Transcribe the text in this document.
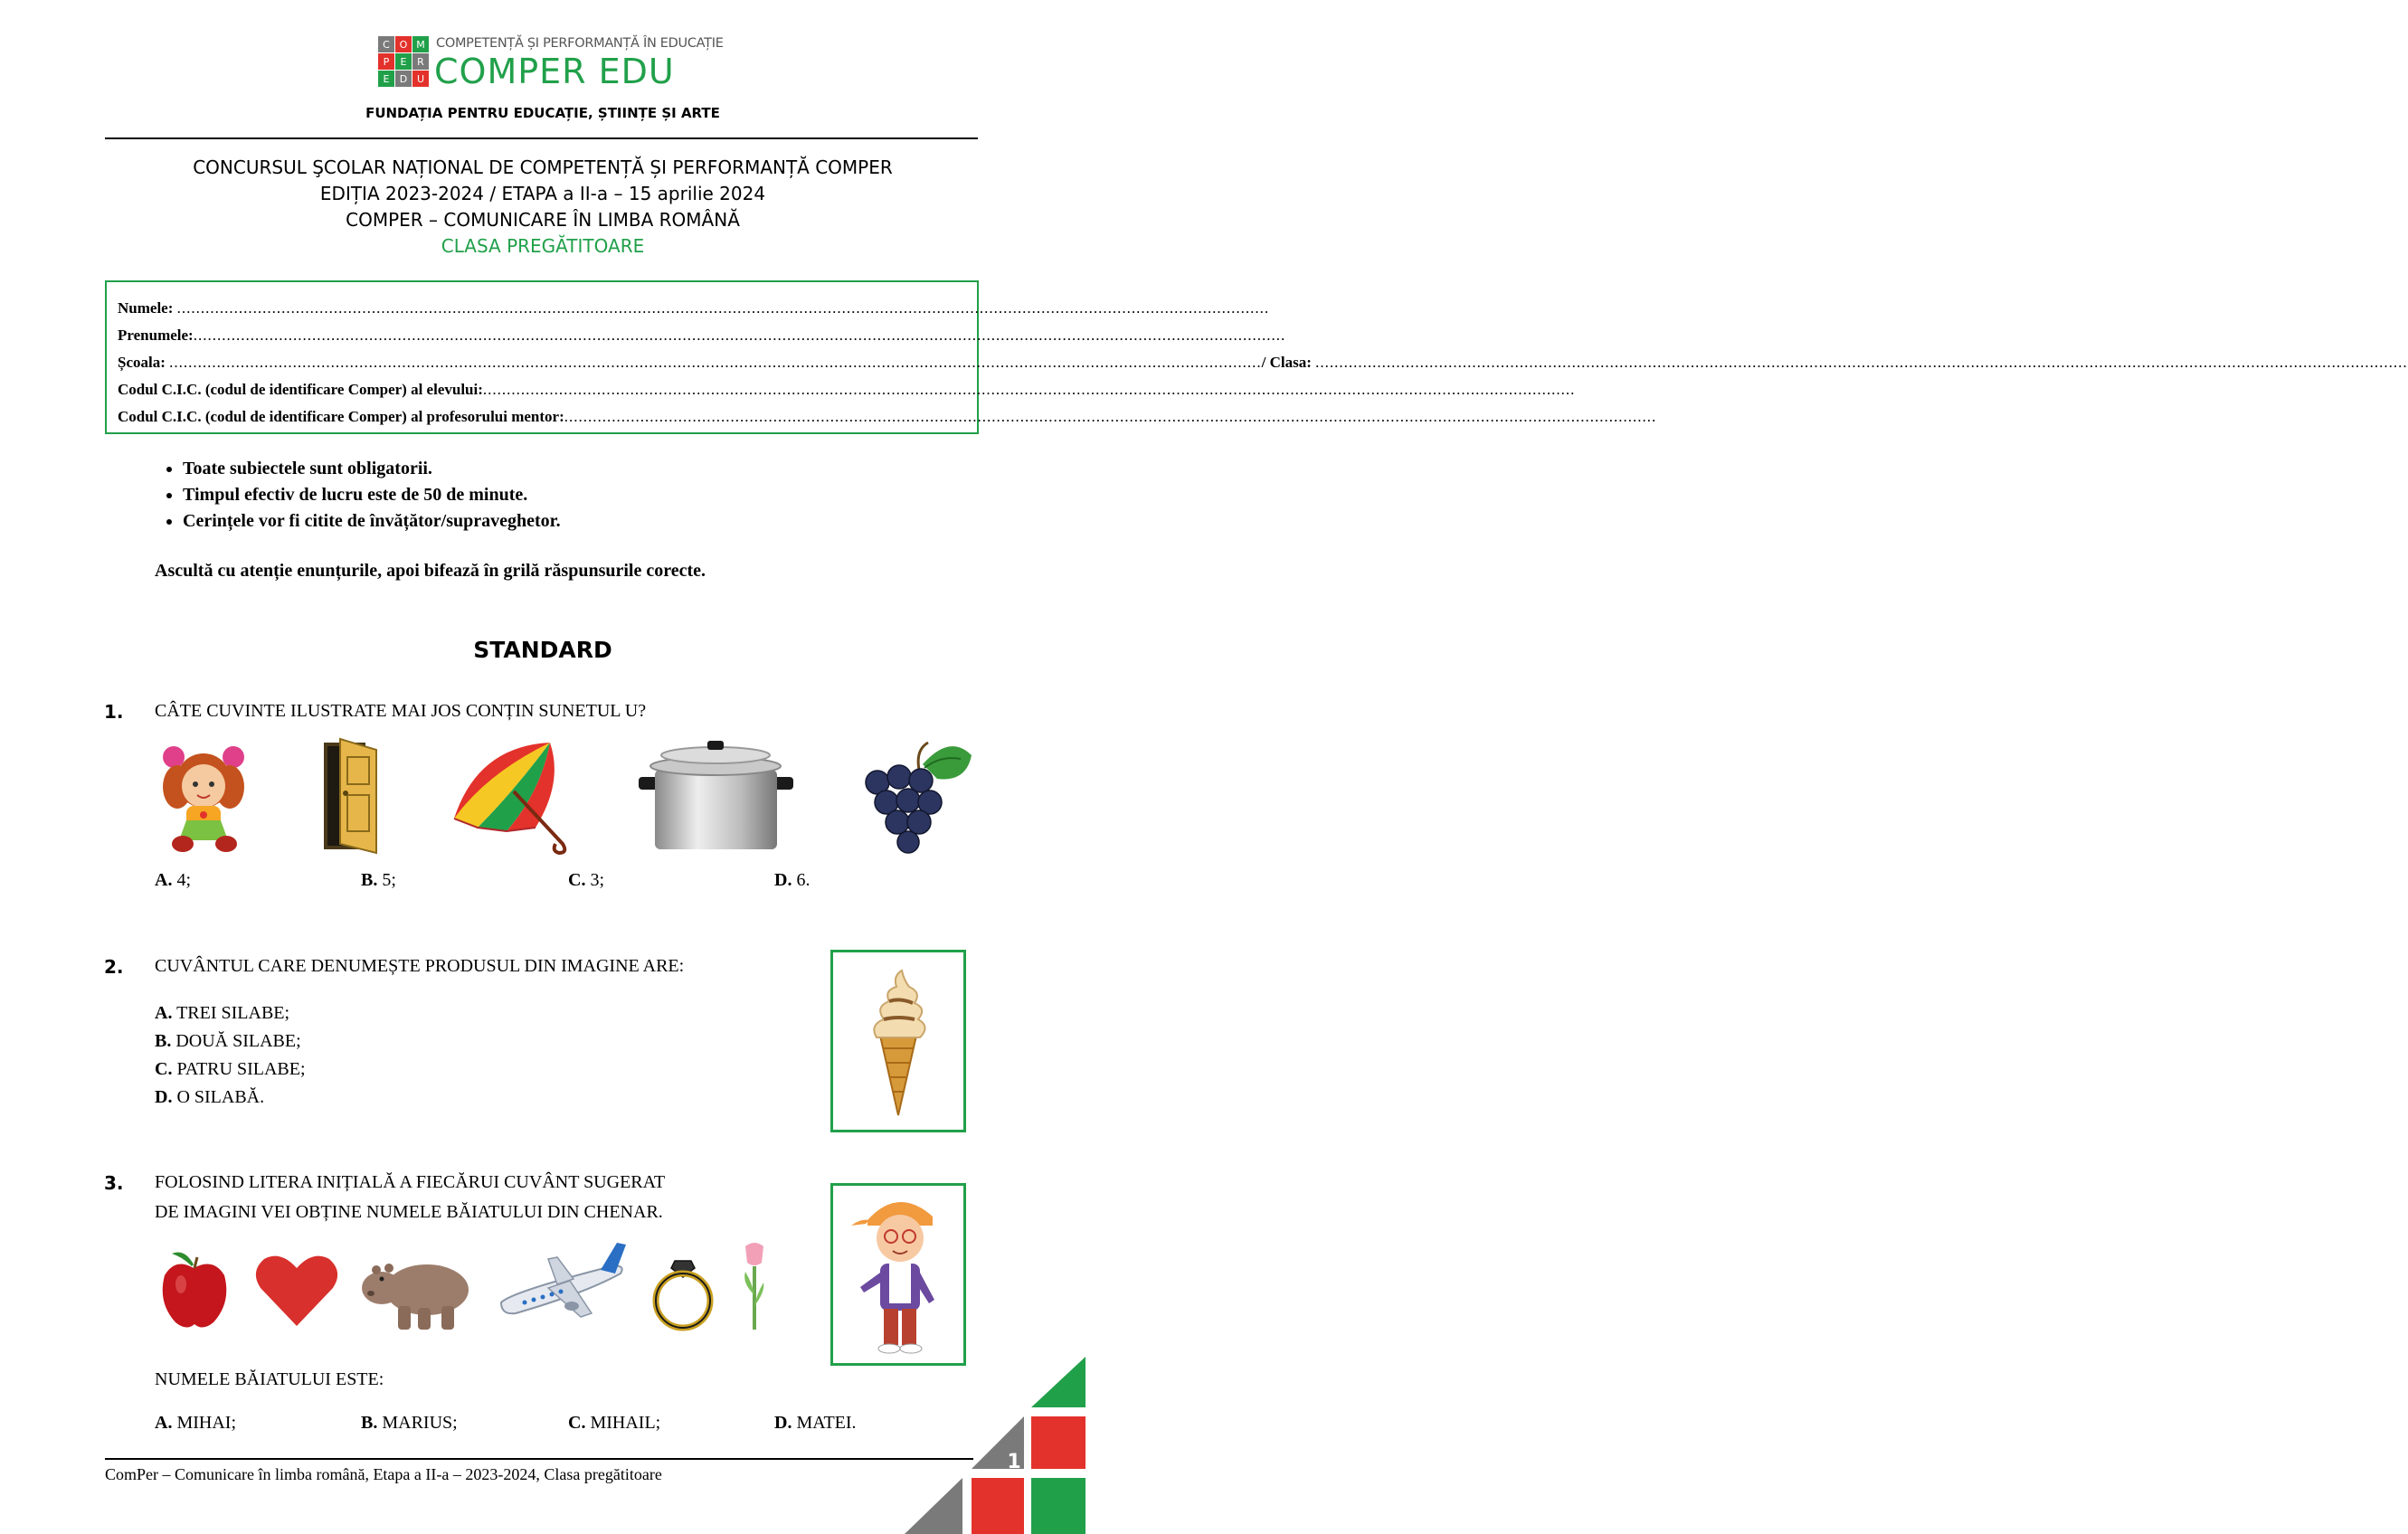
C O M
P	E	R
E	D U
COMPETENȚĂ ȘI PERFORMANȚĂ ÎN EDUCAȚIE
COMPER EDU
FUNDAȚIA PENTRU EDUCAȚIE, ȘTIINȚE ȘI ARTE
CONCURSUL ŞCOLAR NAȚIONAL DE COMPETENȚĂ ȘI PERFORMANȚĂ COMPER
EDIȚIA 2023-2024 / ETAPA a II-a – 15 aprilie 2024
COMPER – COMUNICARE ÎN LIMBA ROMÂNĂ
CLASA PREGĂTITOARE
Numele:
......................................................................................................................................................................................................................................
Prenumele: ......................................................................................................................................................................................................................................
Școala:
...................................................................................................................................................................................................................................... / Clasa:
......................................................................................................................................................................................................................................
Codul C.I.C. (codul de identificare Comper) al elevului: ......................................................................................................................................................................................................................................
Codul C.I.C. (codul de identificare Comper) al profesorului mentor: ......................................................................................................................................................................................................................................
• Toate subiectele sunt obligatorii.
• Timpul efectiv de lucru este de 50 de minute.
• Cerințele vor fi citite de învățător/supraveghetor.
Ascultă cu atenție enunțurile, apoi bifează în grilă răspunsurile corecte.
STANDARD
1. CÂTE CUVINTE ILUSTRATE MAI JOS CONȚIN SUNETUL U?
A. 4;	B. 5;	C. 3;	D. 6.
2. CUVÂNTUL CARE DENUMEȘTE PRODUSUL DIN IMAGINE ARE:
A. TREI SILABE;
B. DOUĂ SILABE;
C. PATRU SILABE;
D. O SILABĂ.
3. FOLOSIND LITERA INIȚIALĂ A FIECĂRUI CUVÂNT SUGERAT
DE IMAGINI VEI OBȚINE NUMELE BĂIATULUI DIN CHENAR.
NUMELE BĂIATULUI ESTE:
A. MIHAI;	B. MARIUS;	C. MIHAIL;	D. MATEI.
ComPer – Comunicare în limba română, Etapa a II-a – 2023-2024, Clasa pregătitoare
1
